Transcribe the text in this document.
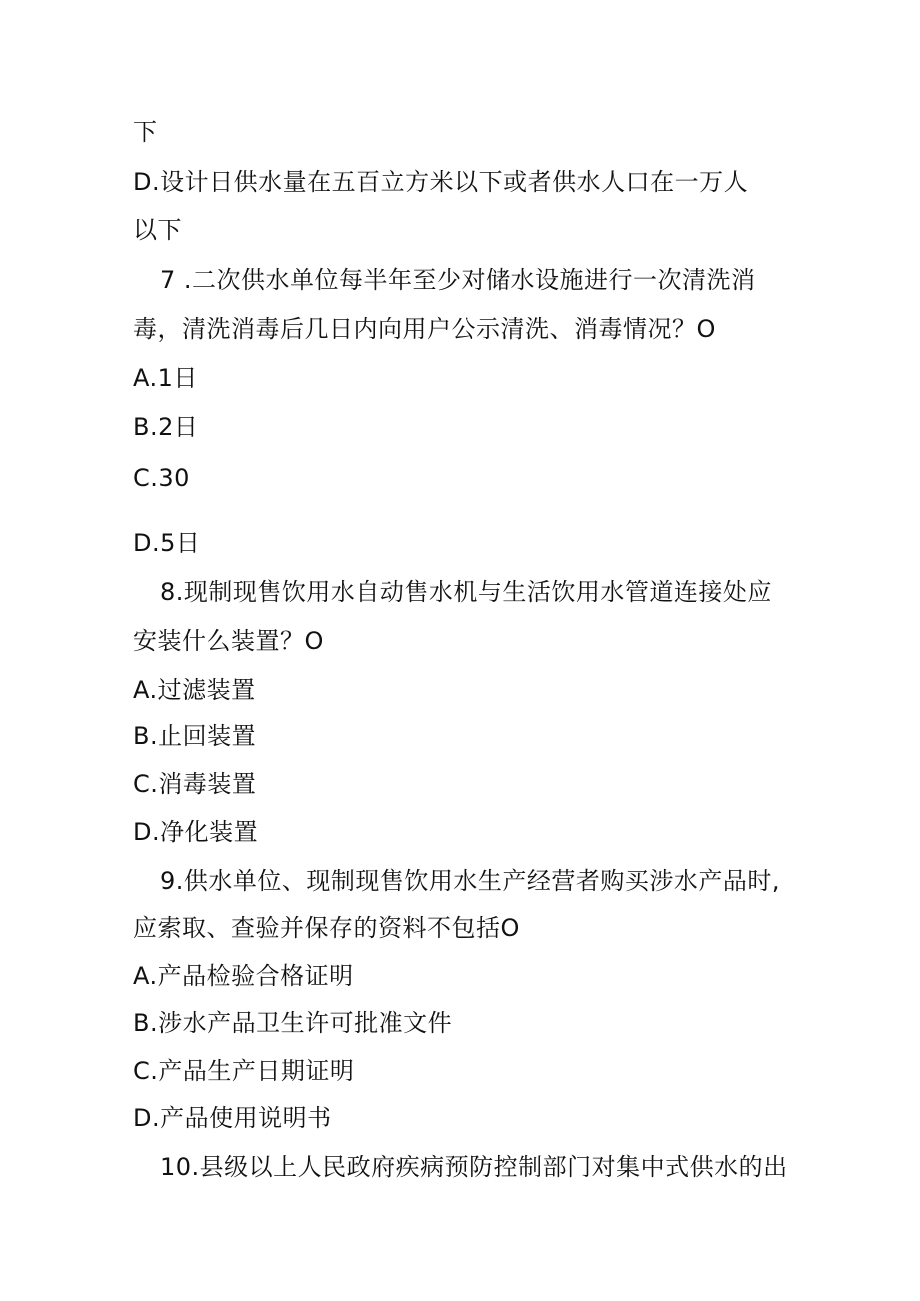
下
D.设计日供水量在五百立方米以下或者供水人口在一万人
以下
7 .二次供水单位每半年至少对储水设施进行一次清洗消
毒，清洗消毒后几日内向用户公示清洗、消毒情况？O
A.1日
B.2日
C.30
D.5日
8.现制现售饮用水自动售水机与生活饮用水管道连接处应
安装什么装置？O
A.过滤装置
B.止回装置
C.消毒装置
D.净化装置
9.供水单位、现制现售饮用水生产经营者购买涉水产品时,
应索取、查验并保存的资料不包括O
A.产品检验合格证明
B.涉水产品卫生许可批准文件
C.产品生产日期证明
D.产品使用说明书
10.县级以上人民政府疾病预防控制部门对集中式供水的出
